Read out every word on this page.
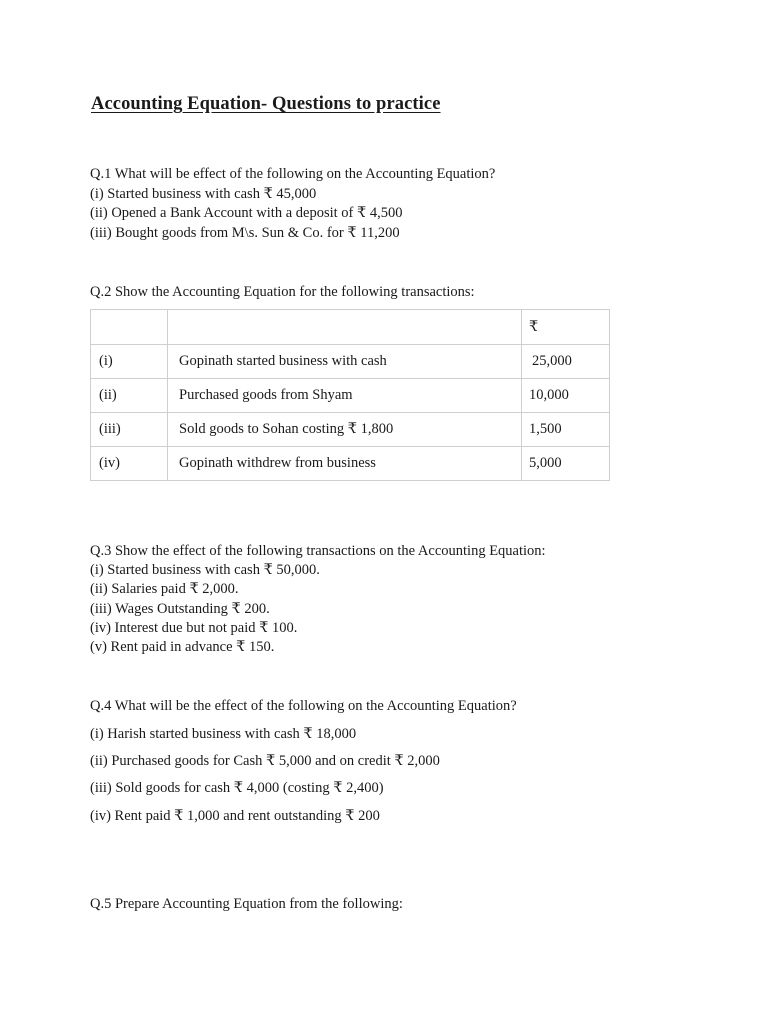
Accounting Equation- Questions to practice
Q.1 What will be effect of the following on the Accounting Equation?
(i) Started business with cash ₹ 45,000
(ii) Opened a Bank Account with a deposit of ₹ 4,500
(iii) Bought goods from M\s. Sun & Co. for ₹ 11,200
Q.2 Show the Accounting Equation for the following transactions:
		₹
(i)	Gopinath started business with cash	25,000
(ii)	Purchased goods from Shyam	10,000
(iii)	Sold goods to Sohan costing ₹ 1,800	1,500
(iv)	Gopinath withdrew from business	5,000
Q.3 Show the effect of the following transactions on the Accounting Equation:
(i) Started business with cash ₹ 50,000.
(ii) Salaries paid ₹ 2,000.
(iii) Wages Outstanding ₹ 200.
(iv) Interest due but not paid ₹ 100.
(v) Rent paid in advance ₹ 150.
Q.4 What will be the effect of the following on the Accounting Equation?
(i) Harish started business with cash ₹ 18,000
(ii) Purchased goods for Cash ₹ 5,000 and on credit ₹ 2,000
(iii) Sold goods for cash ₹ 4,000 (costing ₹ 2,400)
(iv) Rent paid ₹ 1,000 and rent outstanding ₹ 200
Q.5 Prepare Accounting Equation from the following:
